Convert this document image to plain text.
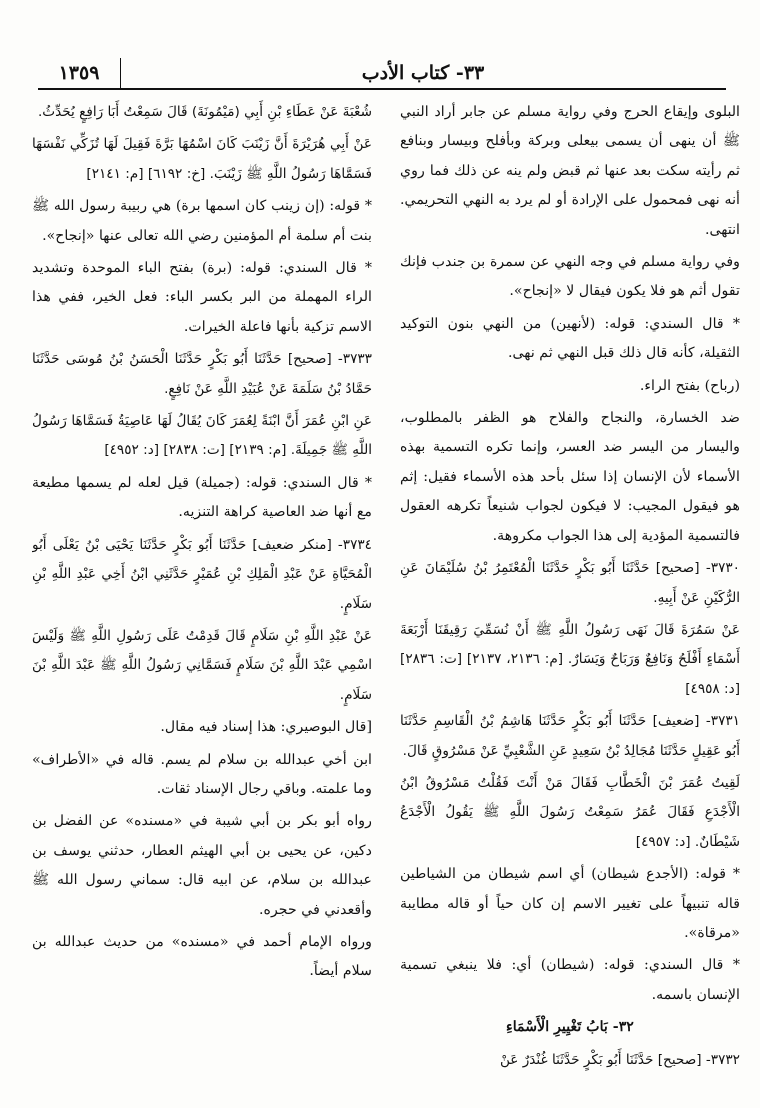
١٣٥٩	٣٣- كتاب الأدب

البلوى وإيقاع الحرج وفي رواية مسلم عن جابر أراد النبي ﷺ أن ينهى أن يسمى بيعلى وبركة وبأفلح وبيسار وبنافع ثم رأيته سكت بعد عنها ثم قبض ولم ينه عن ذلك فما روي أنه نهى فمحمول على الإرادة أو لم يرد به النهي التحريمي. انتهى.

وفي رواية مسلم في وجه النهي عن سمرة بن جندب فإنك تقول أثم هو فلا يكون فيقال لا «إنجاح».

* قال السندي: قوله: (لأنهين) من النهي بنون التوكيد الثقيلة، كأنه قال ذلك قبل النهي ثم نهى.

(رباح) بفتح الراء.

ضد الخسارة، والنجاح والفلاح هو الظفر بالمطلوب، واليسار من اليسر ضد العسر، وإنما تكره التسمية بهذه الأسماء لأن الإنسان إذا سئل بأحد هذه الأسماء فقيل: إثم هو فيقول المجيب: لا فيكون لجواب شنيعاً تكرهه العقول فالتسمية المؤدية إلى هذا الجواب مكروهة.

٣٧٣٠- [صحيح] حَدَّثَنَا أَبُو بَكْرٍ حَدَّثَنَا الْمُعْتَمِرُ بْنُ سُلَيْمَانَ عَنِ الرُّكَيْنِ عَنْ أَبِيهِ.

عَنْ سَمُرَةَ قَالَ نَهَى رَسُولُ اللَّهِ ﷺ أَنْ نُسَمِّيَ رَقِيقَنَا أَرْبَعَةَ أَسْمَاءٍ أَفْلَحُ وَنَافِعٌ وَرَبَاحٌ وَيَسَارٌ. [م: ٢١٣٦، ٢١٣٧] [ت: ٢٨٣٦] [د: ٤٩٥٨]

٣٧٣١- [ضعيف] حَدَّثَنَا أَبُو بَكْرٍ حَدَّثَنَا هَاشِمُ بْنُ الْقَاسِمِ حَدَّثَنَا أَبُو عَقِيلٍ حَدَّثَنَا مُجَالِدُ بْنُ سَعِيدٍ عَنِ الشَّعْبِيِّ عَنْ مَسْرُوقٍ قَالَ.

لَقِيتُ عُمَرَ بْنَ الْخَطَّابِ فَقَالَ مَنْ أَنْتَ فَقُلْتُ مَسْرُوقُ ابْنُ الْأَجْدَعِ فَقَالَ عُمَرُ سَمِعْتُ رَسُولَ اللَّهِ ﷺ يَقُولُ الْأَجْدَعُ شَيْطَانٌ. [د: ٤٩٥٧]

* قوله: (الأجدع شيطان) أي اسم شيطان من الشياطين قاله تنبيهاً على تغيير الاسم إن كان حياً أو قاله مطايبة «مرقاة».

* قال السندي: قوله: (شيطان) أي: فلا ينبغي تسمية الإنسان باسمه.

٣٢- بَابُ تَغْيِيرِ الْأَسْمَاءِ

٣٧٣٢- [صحيح] حَدَّثَنَا أَبُو بَكْرٍ حَدَّثَنَا غُنْدَرٌ عَنْ

شُعْبَةَ عَنْ عَطَاءِ بْنِ أَبِي (مَيْمُونَةَ) قَالَ سَمِعْتُ أَبَا رَافِعٍ يُحَدِّثُ.

عَنْ أَبِي هُرَيْرَةَ أَنَّ زَيْنَبَ كَانَ اسْمُهَا بَرَّةَ فَقِيلَ لَهَا تُزَكِّي نَفْسَهَا فَسَمَّاهَا رَسُولُ اللَّهِ ﷺ زَيْنَبَ. [خ: ٦١٩٢] [م: ٢١٤١]

* قوله: (إن زينب كان اسمها برة) هي ربيبة رسول الله ﷺ بنت أم سلمة أم المؤمنين رضي الله تعالى عنها «إنجاح».

* قال السندي: قوله: (برة) بفتح الباء الموحدة وتشديد الراء المهملة من البر بكسر الباء: فعل الخير، ففي هذا الاسم تزكية بأنها فاعلة الخيرات.

٣٧٣٣- [صحيح] حَدَّثَنَا أَبُو بَكْرٍ حَدَّثَنَا الْحَسَنُ بْنُ مُوسَى حَدَّثَنَا حَمَّادُ بْنُ سَلَمَةَ عَنْ عُبَيْدِ اللَّهِ عَنْ نَافِعٍ.

عَنِ ابْنِ عُمَرَ أَنَّ ابْنَةً لِعُمَرَ كَانَ يُقَالُ لَهَا عَاصِيَةُ فَسَمَّاهَا رَسُولُ اللَّهِ ﷺ جَمِيلَةَ. [م: ٢١٣٩] [ت: ٢٨٣٨] [د: ٤٩٥٢]

* قال السندي: قوله: (جميلة) قيل لعله لم يسمها مطيعة مع أنها ضد العاصية كراهة التنزيه.

٣٧٣٤- [منكر ضعيف] حَدَّثَنَا أَبُو بَكْرٍ حَدَّثَنَا يَحْيَى بْنُ يَعْلَى أَبُو الْمُحَيَّاةِ عَنْ عَبْدِ الْمَلِكِ بْنِ عُمَيْرٍ حَدَّثَنِي ابْنُ أَخِي عَبْدِ اللَّهِ بْنِ سَلَامٍ.

عَنْ عَبْدِ اللَّهِ بْنِ سَلَامٍ قَالَ قَدِمْتُ عَلَى رَسُولِ اللَّهِ ﷺ وَلَيْسَ اسْمِي عَبْدَ اللَّهِ بْنَ سَلَامٍ فَسَمَّانِي رَسُولُ اللَّهِ ﷺ عَبْدَ اللَّهِ بْنَ سَلَامٍ.

[قال البوصيري: هذا إسناد فيه مقال.

ابن أخي عبدالله بن سلام لم يسم. قاله في «الأطراف» وما علمته. وباقي رجال الإسناد ثقات.

رواه أبو بكر بن أبي شيبة في «مسنده» عن الفضل بن دكين، عن يحيى بن أبي الهيثم العطار، حدثني يوسف بن عبدالله بن سلام، عن ابيه قال: سماني رسول الله ﷺ وأقعدني في حجره.

ورواه الإمام أحمد في «مسنده» من حديث عبدالله بن سلام أيضاً.
